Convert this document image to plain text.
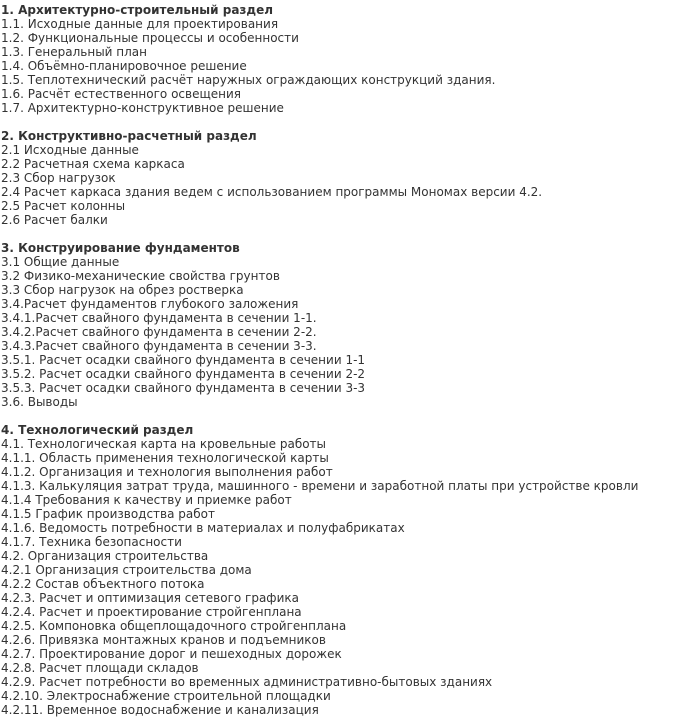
1. Архитектурно-строительный раздел
1.1. Исходные данные для проектирования
1.2. Функциональные процессы и особенности
1.3. Генеральный план
1.4. Объёмно-планировочное решение
1.5. Теплотехнический расчёт наружных ограждающих конструкций здания.
1.6. Расчёт естественного освещения
1.7. Архитектурно-конструктивное решение
2. Конструктивно-расчетный раздел
2.1 Исходные данные
2.2 Расчетная схема каркаса
2.3 Сбор нагрузок
2.4 Расчет каркаса здания ведем с использованием программы Мономах версии 4.2.
2.5 Расчет колонны
2.6 Расчет балки
3. Конструирование фундаментов
3.1 Общие данные
3.2 Физико-механические свойства грунтов
3.3 Сбор нагрузок на обрез ростверка
3.4.Расчет фундаментов глубокого заложения
3.4.1.Расчет свайного фундамента в сечении 1-1.
3.4.2.Расчет свайного фундамента в сечении 2-2.
3.4.3.Расчет свайного фундамента в сечении 3-3.
3.5.1. Расчет осадки свайного фундамента в сечении 1-1
3.5.2. Расчет осадки свайного фундамента в сечении 2-2
3.5.3. Расчет осадки свайного фундамента в сечении 3-3
3.6. Выводы
4. Технологический раздел
4.1. Технологическая карта на кровельные работы
4.1.1. Область применения технологической карты
4.1.2. Организация и технология выполнения работ
4.1.3. Калькуляция затрат труда, машинного - времени и заработной платы при устройстве кровли
4.1.4 Требования к качеству и приемке работ
4.1.5 График производства работ
4.1.6. Ведомость потребности в материалах и полуфабрикатах
4.1.7. Техника безопасности
4.2. Организация строительства
4.2.1 Организация строительства дома
4.2.2 Состав объектного потока
4.2.3. Расчет и оптимизация сетевого графика
4.2.4. Расчет и проектирование стройгенплана
4.2.5. Компоновка общеплощадочного стройгенплана
4.2.6. Привязка монтажных кранов и подъемников
4.2.7. Проектирование дорог и пешеходных дорожек
4.2.8. Расчет площади складов
4.2.9. Расчет потребности во временных административно-бытовых зданиях
4.2.10. Электроснабжение строительной площадки
4.2.11. Временное водоснабжение и канализация
